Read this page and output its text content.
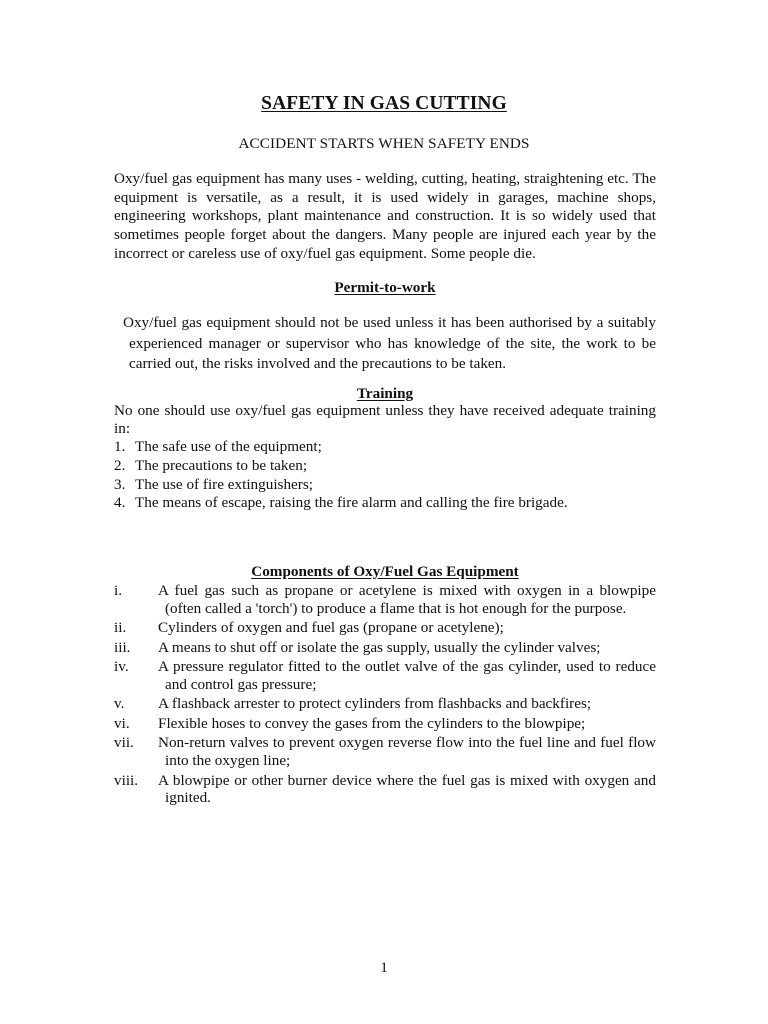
SAFETY IN GAS CUTTING
ACCIDENT STARTS WHEN SAFETY ENDS
Oxy/fuel gas equipment has many uses - welding, cutting, heating, straightening etc. The equipment is versatile, as a result, it is used widely in garages, machine shops, engineering workshops, plant maintenance and construction. It is so widely used that sometimes people forget about the dangers. Many people are injured each year by the incorrect or careless use of oxy/fuel gas equipment. Some people die.
Permit-to-work
Oxy/fuel gas equipment should not be used unless it has been authorised by a suitably experienced manager or supervisor who has knowledge of the site, the work to be carried out, the risks involved and the precautions to be taken.
Training
No one should use oxy/fuel gas equipment unless they have received adequate training in:
1. The safe use of the equipment;
2. The precautions to be taken;
3. The use of fire extinguishers;
4. The means of escape, raising the fire alarm and calling the fire brigade.
Components of Oxy/Fuel Gas Equipment
i. A fuel gas such as propane or acetylene is mixed with oxygen in a blowpipe (often called a 'torch') to produce a flame that is hot enough for the purpose.
ii. Cylinders of oxygen and fuel gas (propane or acetylene);
iii. A means to shut off or isolate the gas supply, usually the cylinder valves;
iv. A pressure regulator fitted to the outlet valve of the gas cylinder, used to reduce and control gas pressure;
v. A flashback arrester to protect cylinders from flashbacks and backfires;
vi. Flexible hoses to convey the gases from the cylinders to the blowpipe;
vii. Non-return valves to prevent oxygen reverse flow into the fuel line and fuel flow into the oxygen line;
viii. A blowpipe or other burner device where the fuel gas is mixed with oxygen and ignited.
1
